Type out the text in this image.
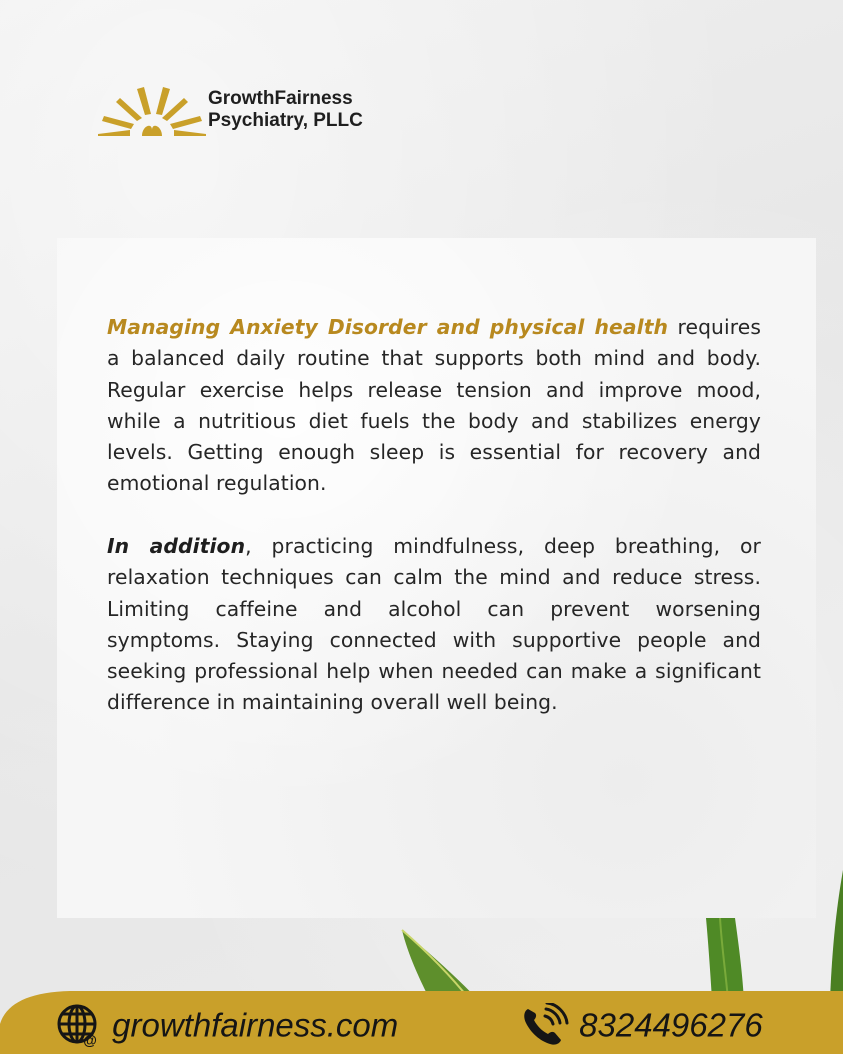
GrowthFairness
Psychiatry, PLLC

Managing Anxiety Disorder and physical health requires a balanced daily routine that supports both mind and body. Regular exercise helps release tension and improve mood, while a nutritious diet fuels the body and stabilizes energy levels. Getting enough sleep is essential for recovery and emotional regulation.

In addition, practicing mindfulness, deep breathing, or relaxation techniques can calm the mind and reduce stress. Limiting caffeine and alcohol can prevent worsening symptoms. Staying connected with supportive people and seeking professional help when needed can make a significant difference in maintaining overall well being.

@ growthfairness.com	8324496276
